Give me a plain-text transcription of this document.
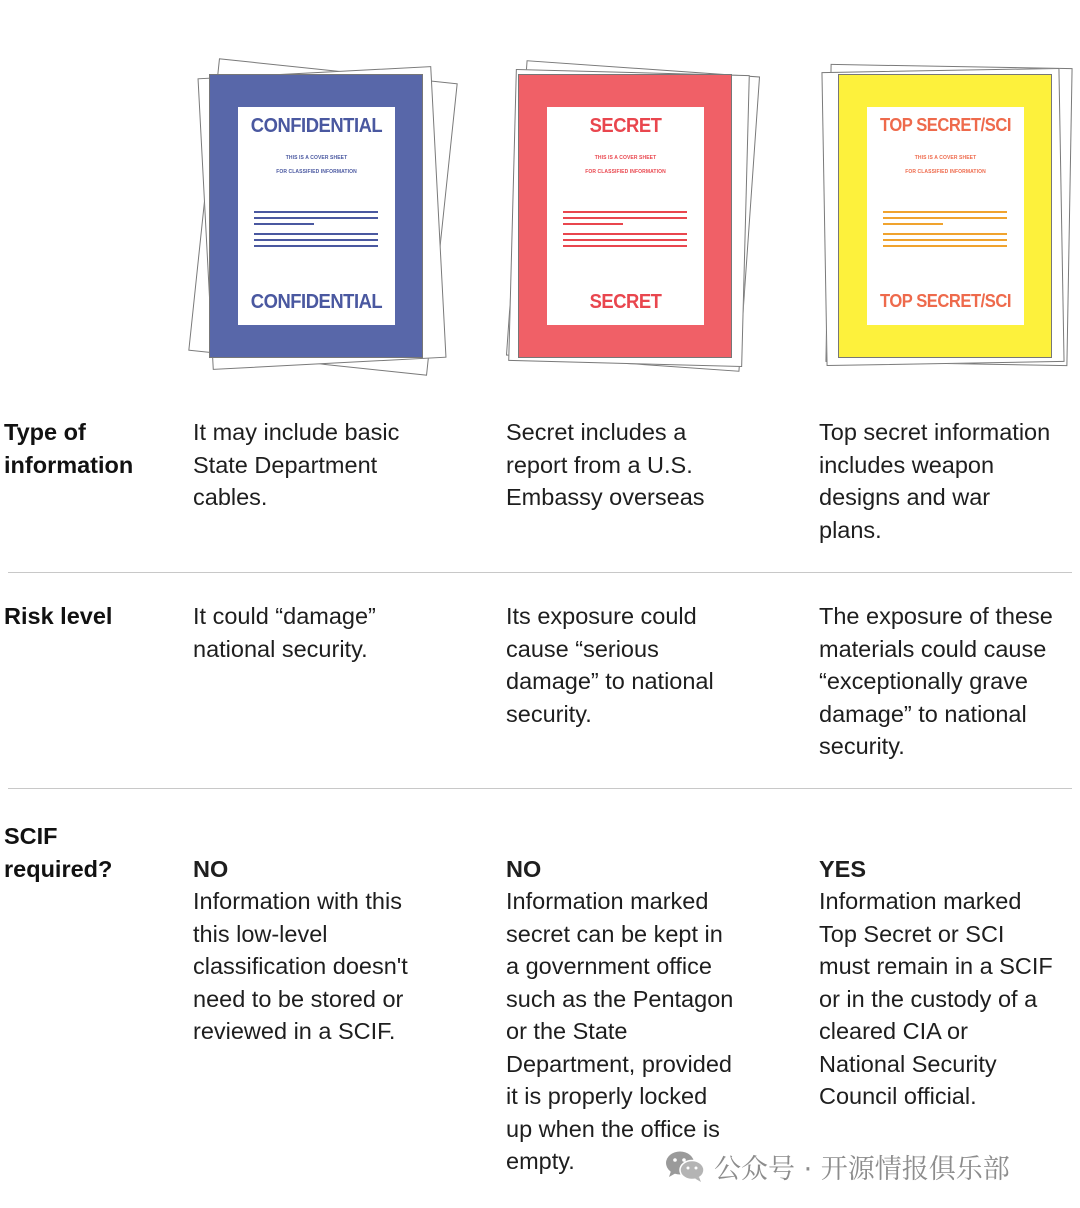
CONFIDENTIAL
THIS IS A COVER SHEET
FOR CLASSIFIED INFORMATION
CONFIDENTIAL
SECRET
THIS IS A COVER SHEET
FOR CLASSIFIED INFORMATION
SECRET
TOP SECRET/SCI
THIS IS A COVER SHEET
FOR CLASSIFIED INFORMATION
TOP SECRET/SCI
Type of
information
It may include basic
State Department
cables.
Secret includes a
report from a U.S.
Embassy overseas
Top secret information
includes weapon
designs and war
plans.
Risk level	It could “damage”
national security.
Its exposure could
cause “serious
damage” to national
security.
The exposure of these
materials could cause
“exceptionally grave
damage” to national
security.
SCIF
required?	NO
Information with this
this low-level
classification doesn't
need to be stored or
reviewed in a SCIF.

NO
Information marked
secret can be kept in
a government office
such as the Pentagon
or the State
Department, provided
it is properly locked
up when the office is
empty.

YES
Information marked
Top Secret or SCI
must remain in a SCIF
or in the custody of a
cleared CIA or
National Security
Council official.

公众号 · 开源情报俱乐部
